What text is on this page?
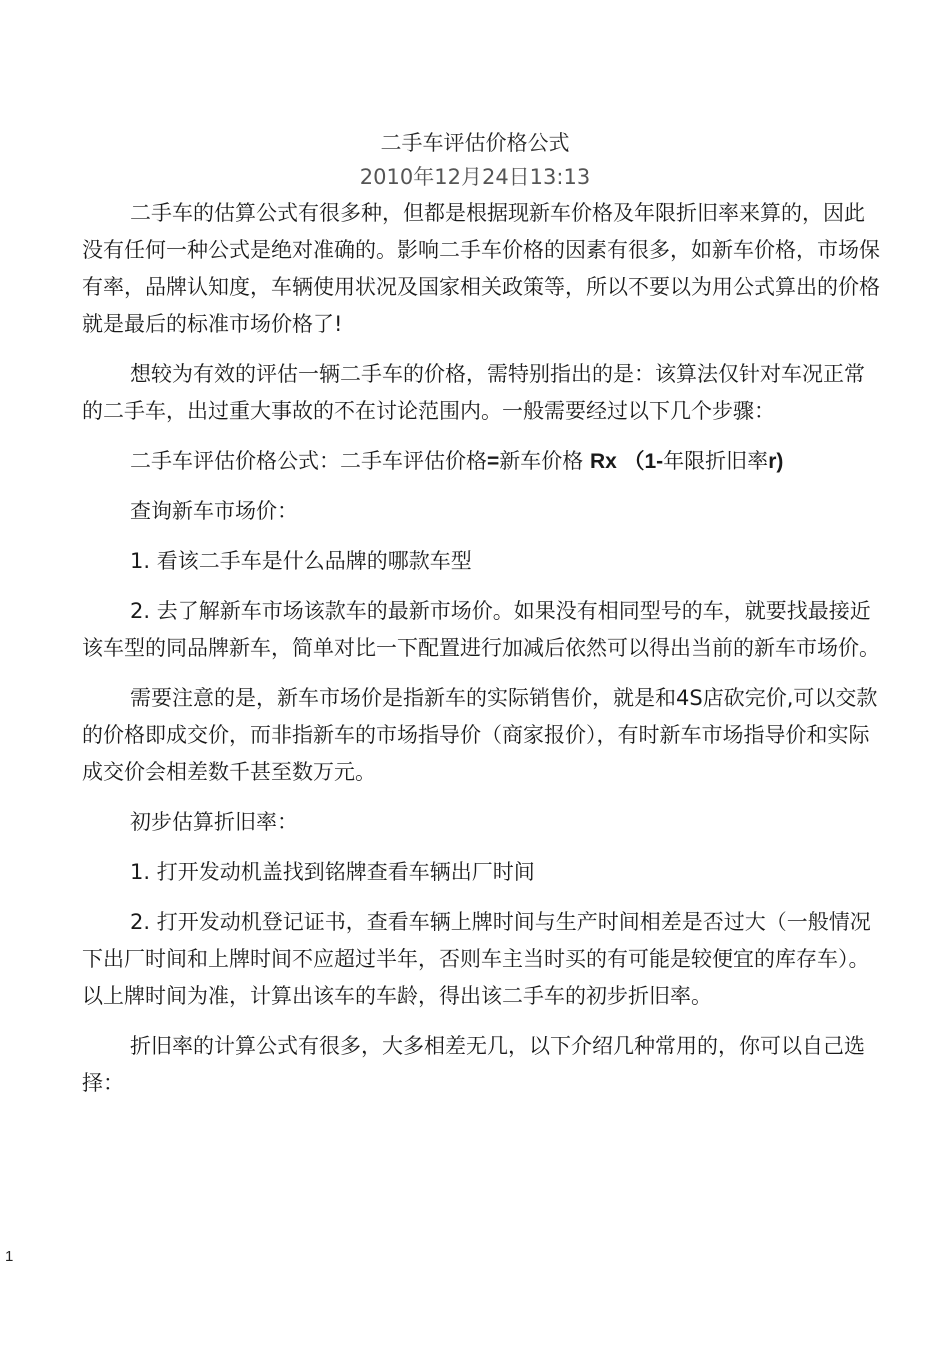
二手车评估价格公式
2010年12月24日13:13

二手车的估算公式有很多种，但都是根据现新车价格及年限折旧率来算的，因此没有任何一种公式是绝对准确的。影响二手车价格的因素有很多，如新车价格，市场保有率，品牌认知度，车辆使用状况及国家相关政策等，所以不要以为用公式算出的价格就是最后的标准市场价格了!

想较为有效的评估一辆二手车的价格，需特别指出的是：该算法仅针对车况正常的二手车，出过重大事故的不在讨论范围内。一般需要经过以下几个步骤：

二手车评估价格公式：二手车评估价格=新车价格 Rx （1-年限折旧率r)

查询新车市场价：

1. 看该二手车是什么品牌的哪款车型

2. 去了解新车市场该款车的最新市场价。如果没有相同型号的车，就要找最接近该车型的同品牌新车，简单对比一下配置进行加减后依然可以得出当前的新车市场价。

需要注意的是，新车市场价是指新车的实际销售价，就是和4S店砍完价,可以交款的价格即成交价，而非指新车的市场指导价（商家报价），有时新车市场指导价和实际成交价会相差数千甚至数万元。

初步估算折旧率：

1. 打开发动机盖找到铭牌查看车辆出厂时间

2. 打开发动机登记证书，查看车辆上牌时间与生产时间相差是否过大（一般情况下出厂时间和上牌时间不应超过半年，否则车主当时买的有可能是较便宜的库存车）。以上牌时间为准，计算出该车的车龄，得出该二手车的初步折旧率。

折旧率的计算公式有很多，大多相差无几，以下介绍几种常用的，你可以自己选择：

1
